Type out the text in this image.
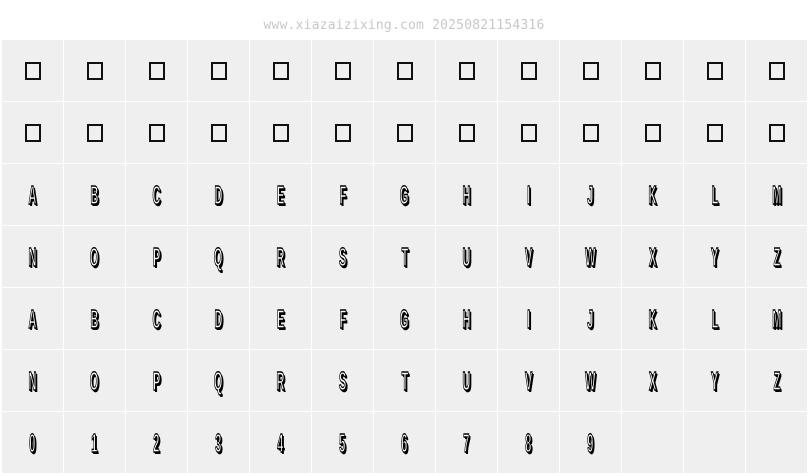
www.xiazaizixing.com 20250821154316
A B C D E F G H I J K L M
N O P Q R S T U V W X Y Z
A B C D E F G H I J K L M
N O P Q R S T U V W X Y Z
0 1 2 3 4 5 6 7 8 9
